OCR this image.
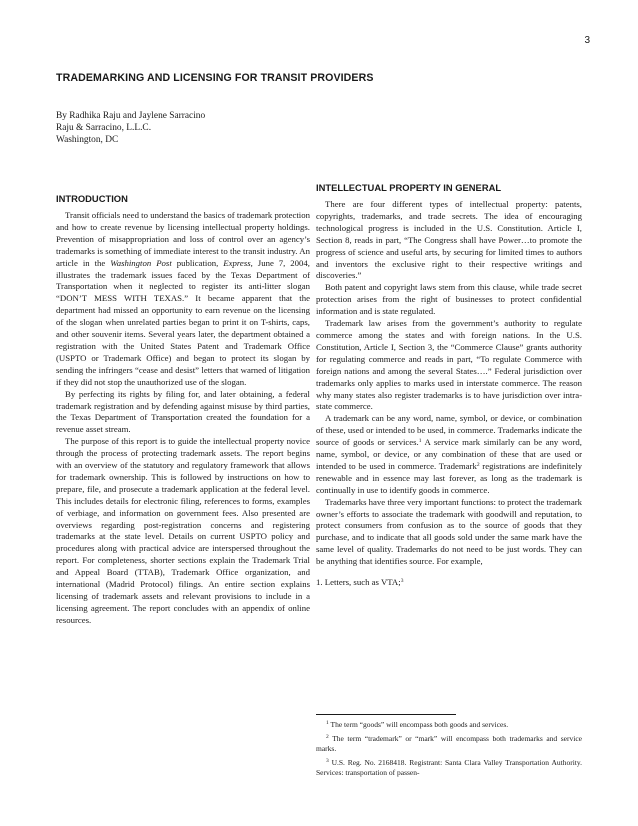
3
TRADEMARKING AND LICENSING FOR TRANSIT PROVIDERS
By Radhika Raju and Jaylene Sarracino
Raju & Sarracino, L.L.C.
Washington, DC
INTRODUCTION

Transit officials need to understand the basics of trademark protection and how to create revenue by licensing intellectual property holdings. Prevention of misappropriation and loss of control over an agency’s trademarks is something of immediate interest to the transit industry. An article in the Washington Post publication, Express, June 7, 2004, illustrates the trademark issues faced by the Texas Department of Transportation when it neglected to register its anti-litter slogan “DON’T MESS WITH TEXAS.” It became apparent that the department had missed an opportunity to earn revenue on the licensing of the slogan when unrelated parties began to print it on T-shirts, caps, and other souvenir items. Several years later, the department obtained a registration with the United States Patent and Trademark Office (USPTO or Trademark Office) and began to protect its slogan by sending the infringers “cease and desist” letters that warned of litigation if they did not stop the unauthorized use of the slogan.

By perfecting its rights by filing for, and later obtaining, a federal trademark registration and by defending against misuse by third parties, the Texas Department of Transportation created the foundation for a revenue asset stream.

The purpose of this report is to guide the intellectual property novice through the process of protecting trademark assets. The report begins with an overview of the statutory and regulatory framework that allows for trademark ownership. This is followed by instructions on how to prepare, file, and prosecute a trademark application at the federal level. This includes details for electronic filing, references to forms, examples of verbiage, and information on government fees. Also presented are overviews regarding post-registration concerns and registering trademarks at the state level. Details on current USPTO policy and procedures along with practical advice are interspersed throughout the report. For completeness, shorter sections explain the Trademark Trial and Appeal Board (TTAB), Trademark Office organization, and international (Madrid Protocol) filings. An entire section explains licensing of trademark assets and relevant provisions to include in a licensing agreement. The report concludes with an appendix of online resources.

INTELLECTUAL PROPERTY IN GENERAL

There are four different types of intellectual property: patents, copyrights, trademarks, and trade secrets. The idea of encouraging technological progress is included in the U.S. Constitution. Article I, Section 8, reads in part, “The Congress shall have Power…to promote the progress of science and useful arts, by securing for limited times to authors and inventors the exclusive right to their respective writings and discoveries.”

Both patent and copyright laws stem from this clause, while trade secret protection arises from the right of businesses to protect confidential information and is state regulated.

Trademark law arises from the government’s authority to regulate commerce among the states and with foreign nations. In the U.S. Constitution, Article I, Section 3, the “Commerce Clause” grants authority for regulating commerce and reads in part, “To regulate Commerce with foreign nations and among the several States….” Federal jurisdiction over trademarks only applies to marks used in interstate commerce. The reason why many states also register trademarks is to have jurisdiction over intra-state commerce.

A trademark can be any word, name, symbol, or device, or combination of these, used or intended to be used, in commerce. Trademarks indicate the source of goods or services.$^1$ A service mark similarly can be any word, name, symbol, or device, or any combination of these that are used or intended to be used in commerce. Trademark$^2$ registrations are indefinitely renewable and in essence may last forever, as long as the trademark is continually in use to identify goods in commerce.

Trademarks have three very important functions: to protect the trademark owner’s efforts to associate the trademark with goodwill and reputation, to protect consumers from confusion as to the source of goods that they purchase, and to indicate that all goods sold under the same mark have the same level of quality. Trademarks do not need to be just words. They can be anything that identifies source. For example,

1. Letters, such as VTA;$^3$

$^1$ The term “goods” will encompass both goods and services.

$^2$ The term “trademark” or “mark” will encompass both trademarks and service marks.

$^3$ U.S. Reg. No. 2168418. Registrant: Santa Clara Valley Transportation Authority. Services: transportation of passen-
